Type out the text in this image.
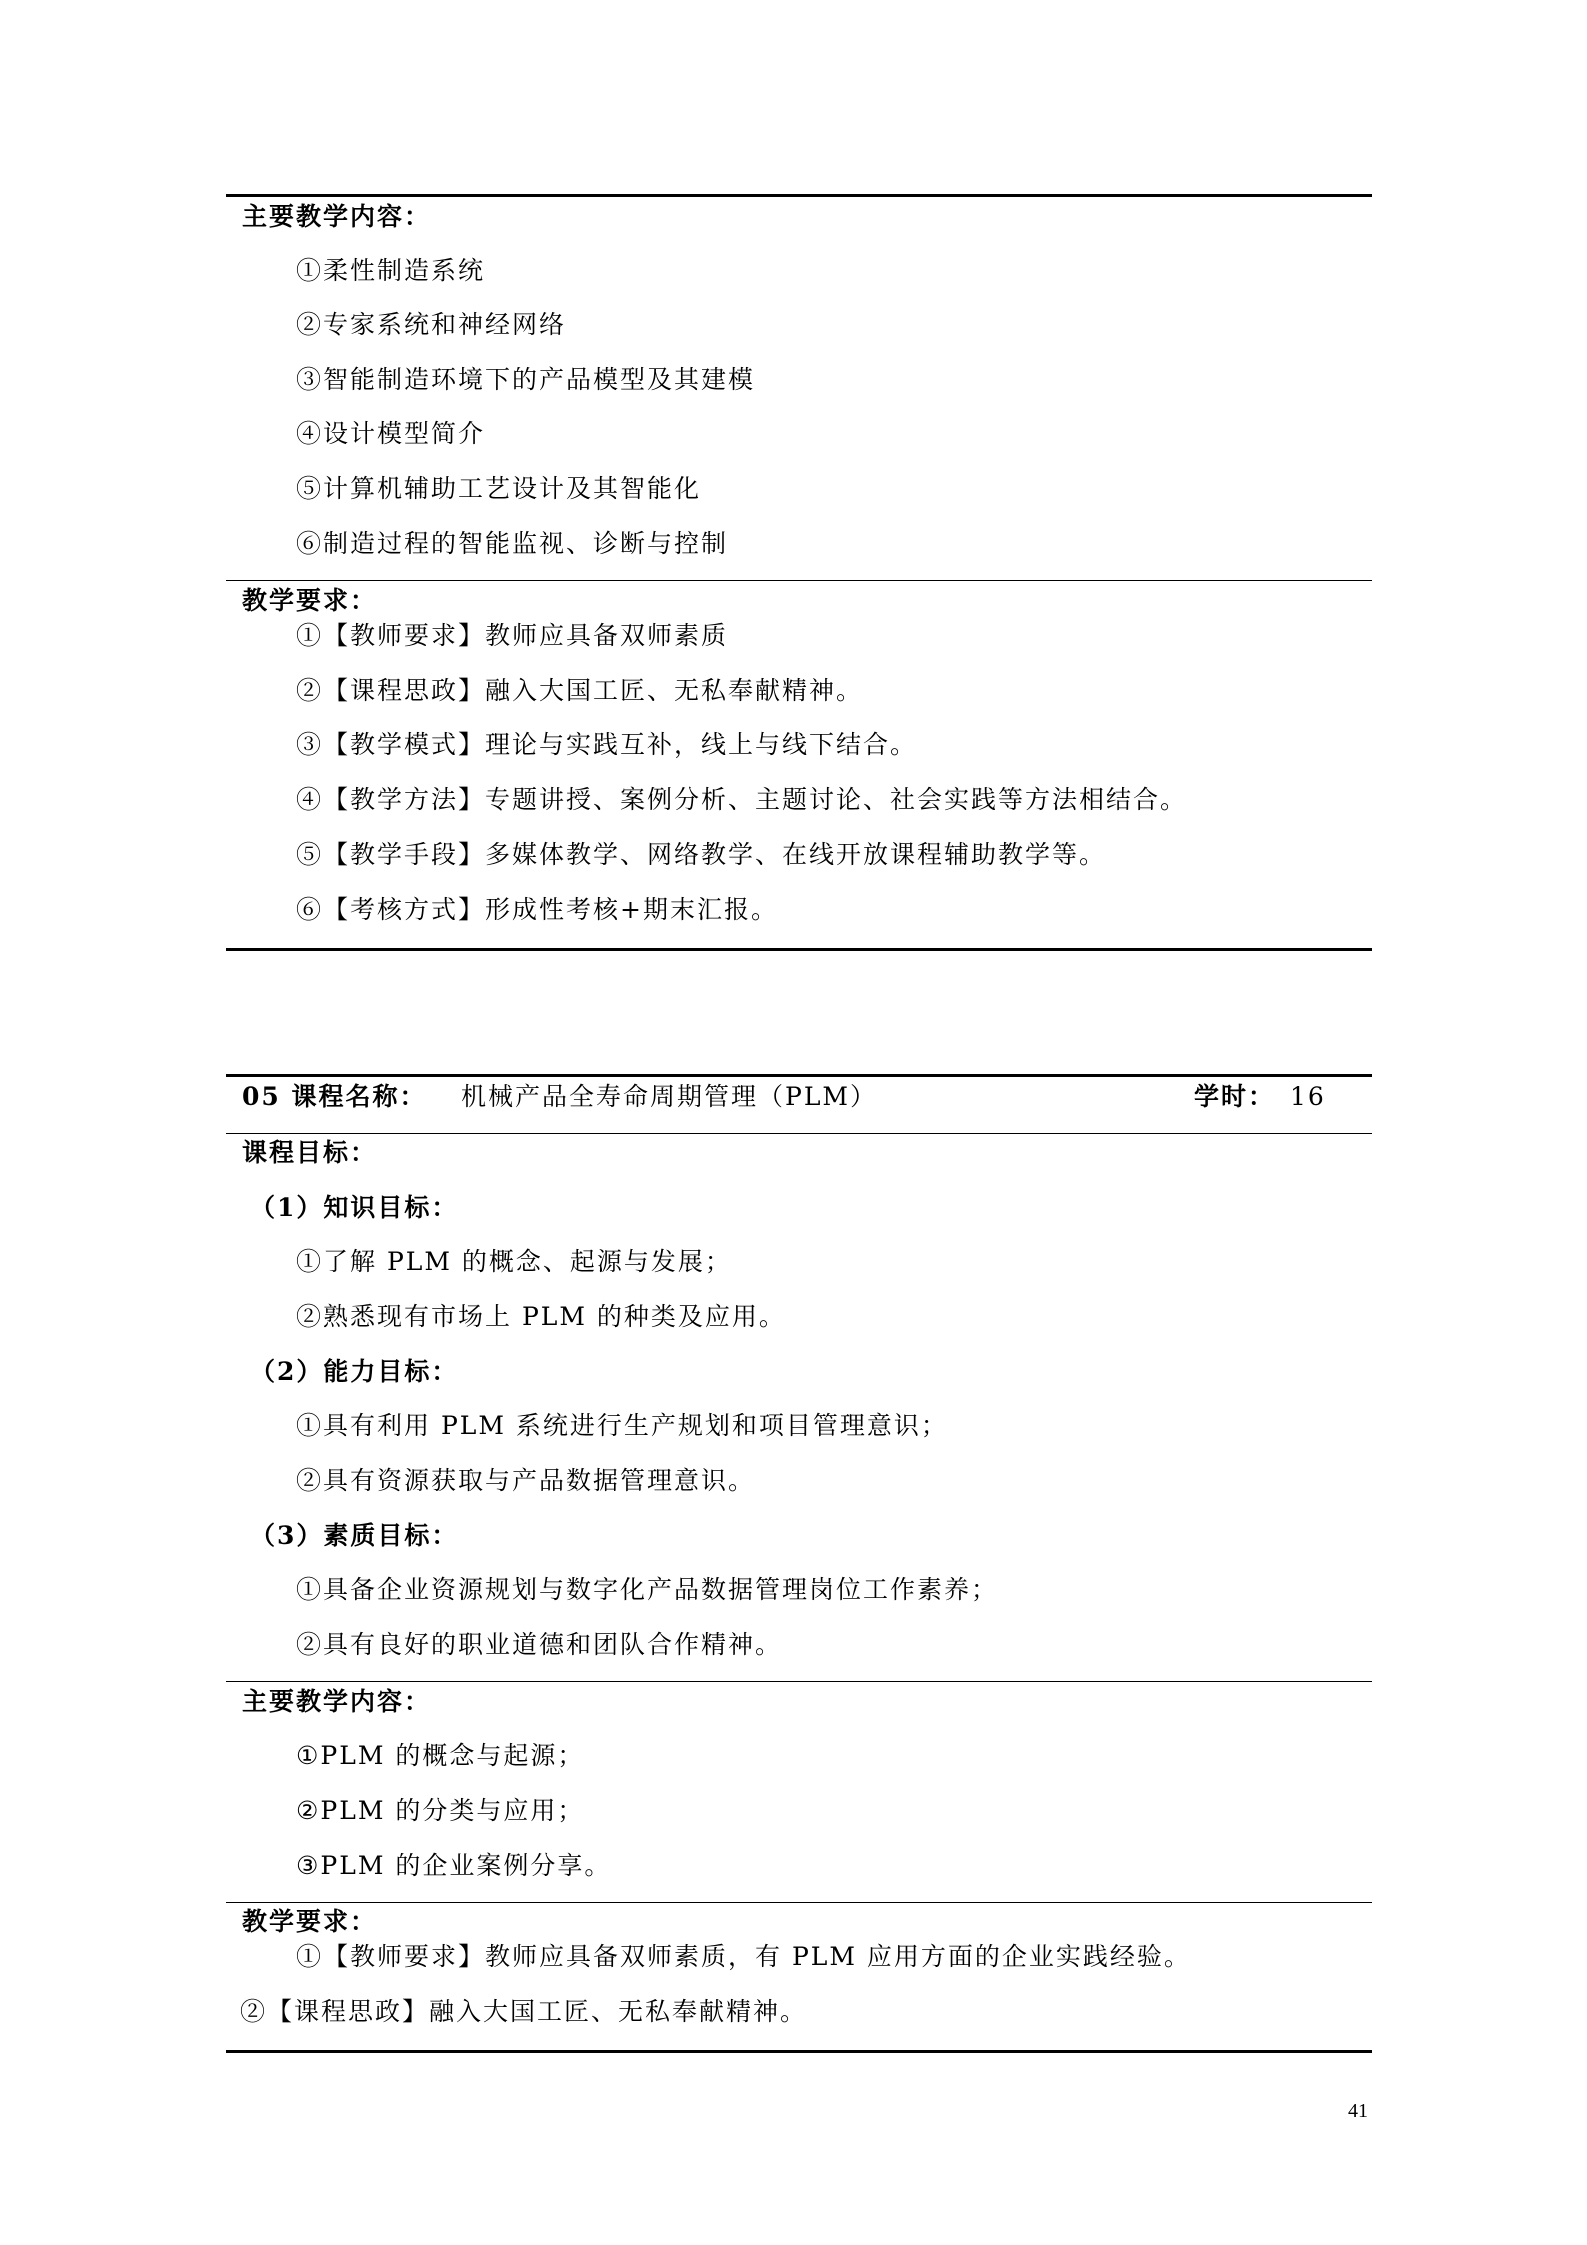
主要教学内容：
①柔性制造系统
②专家系统和神经网络
③智能制造环境下的产品模型及其建模
④设计模型简介
⑤计算机辅助工艺设计及其智能化
⑥制造过程的智能监视、诊断与控制
教学要求：
①【教师要求】教师应具备双师素质
②【课程思政】融入大国工匠、无私奉献精神。
③【教学模式】理论与实践互补，线上与线下结合。
④【教学方法】专题讲授、案例分析、主题讨论、社会实践等方法相结合。
⑤【教学手段】多媒体教学、网络教学、在线开放课程辅助教学等。
⑥【考核方式】形成性考核+期末汇报。
05 课程名称： 机械产品全寿命周期管理（PLM）	学时： 16
课程目标：
（1）知识目标：
①了解 PLM 的概念、起源与发展；
②熟悉现有市场上 PLM 的种类及应用。
（2）能力目标：
①具有利用 PLM 系统进行生产规划和项目管理意识；
②具有资源获取与产品数据管理意识。
（3）素质目标：
①具备企业资源规划与数字化产品数据管理岗位工作素养；
②具有良好的职业道德和团队合作精神。
主要教学内容：
①PLM 的概念与起源；
②PLM 的分类与应用；
③PLM 的企业案例分享。
教学要求：
①【教师要求】教师应具备双师素质，有 PLM 应用方面的企业实践经验。
②【课程思政】融入大国工匠、无私奉献精神。
41
